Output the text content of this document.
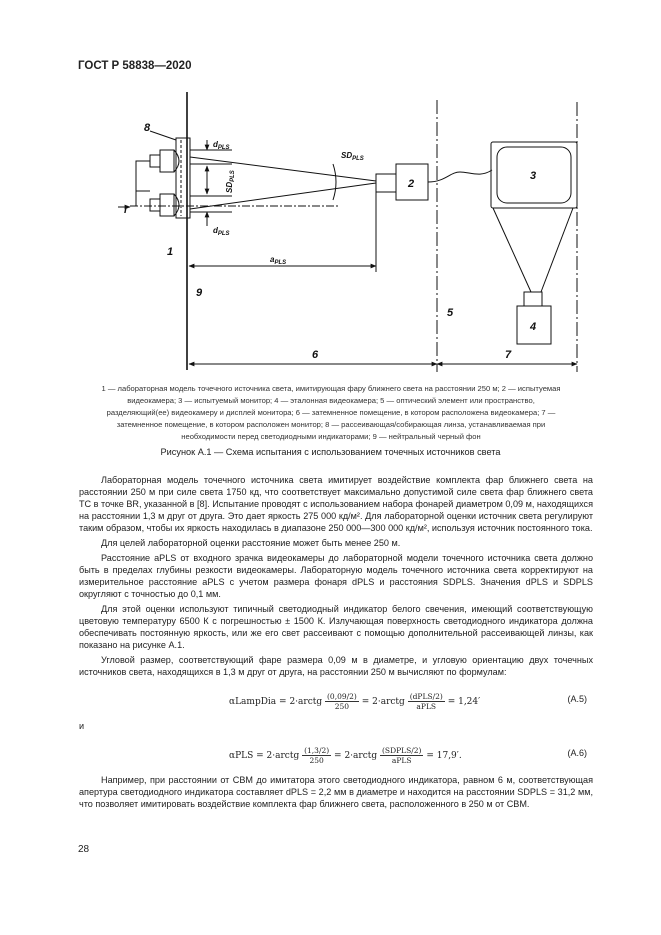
ГОСТ Р 58838—2020
8
1
2
3
4
5
6	7
9
I
$d_{PLS}$
$d_{PLS}$
$SD_{PLS}$
$a_{PLS}$
$SD_{PLS}$
1 — лабораторная модель точечного источника света, имитирующая фару ближнего света на расстоянии 250 м; 2 — испытуемая видеокамера; 3 — испытуемый монитор; 4 — эталонная видеокамера; 5 — оптический элемент или пространство, разделяющий(ее) видеокамеру и дисплей монитора; 6 — затемненное помещение, в котором расположена видеокамера; 7 — затемненное помещение, в котором расположен монитор; 8 — рассеивающая/собирающая линза, устанавливаемая при необходимости перед светодиодными индикаторами; 9 — нейтральный черный фон
Рисунок А.1 — Схема испытания с использованием точечных источников света

Лабораторная модель точечного источника света имитирует воздействие комплекта фар ближнего света на расстоянии 250 м при силе света 1750 кд, что соответствует максимально допустимой силе света фар ближнего света ТС в точке BR, указанной в [8]. Испытание проводят с использованием набора фонарей диаметром 0,09 м, находящихся на расстоянии 1,3 м друг от друга. Это дает яркость 275 000 кд/м². Для лабораторной оценки источник света регулируют таким образом, чтобы их яркость находилась в диапазоне 250 000—300 000 кд/м², используя источник постоянного тока.

Для целей лабораторной оценки расстояние может быть менее 250 м.

Расстояние aPLS от входного зрачка видеокамеры до лабораторной модели точечного источника света должно быть в пределах глубины резкости видеокамеры. Лабораторную модель точечного источника света корректируют на измерительное расстояние aPLS с учетом размера фонаря dPLS и расстояния SDPLS. Значения dPLS и SDPLS округляют с точностью до 0,1 мм.

Для этой оценки используют типичный светодиодный индикатор белого свечения, имеющий соответствующую цветовую температуру 6500 К с погрешностью ± 1500 К. Излучающая поверхность светодиодного индикатора должна обеспечивать постоянную яркость, или же его свет рассеивают с помощью дополнительной рассеивающей линзы, как показано на рисунке А.1.

Угловой размер, соответствующий фаре размера 0,09 м в диаметре, и угловую ориентацию двух точечных источников света, находящихся в 1,3 м друг от друга, на расстоянии 250 м вычисляют по формулам:

αLampDia = 2·arctg $\frac{(0,09/2)}{250}$ = 2·arctg $\frac{\text{(dPLS/2)}}{\text{aPLS}} = 1,24'$	(А.5)
и
αPLS = 2·arctg $\frac{(1,3/2)}{250}$ = 2·arctg $\frac{\text{(SDPLS/2)}}{\text{aPLS}} = 17,9'$.	(А.6)

Например, при расстоянии от СВМ до имитатора этого светодиодного индикатора, равном 6 м, соответствующая апертура светодиодного индикатора составляет dPLS = 2,2 мм в диаметре и находится на расстоянии SDPLS = 31,2 мм, что позволяет имитировать воздействие комплекта фар ближнего света, расположенного в 250 м от СВМ.

28
